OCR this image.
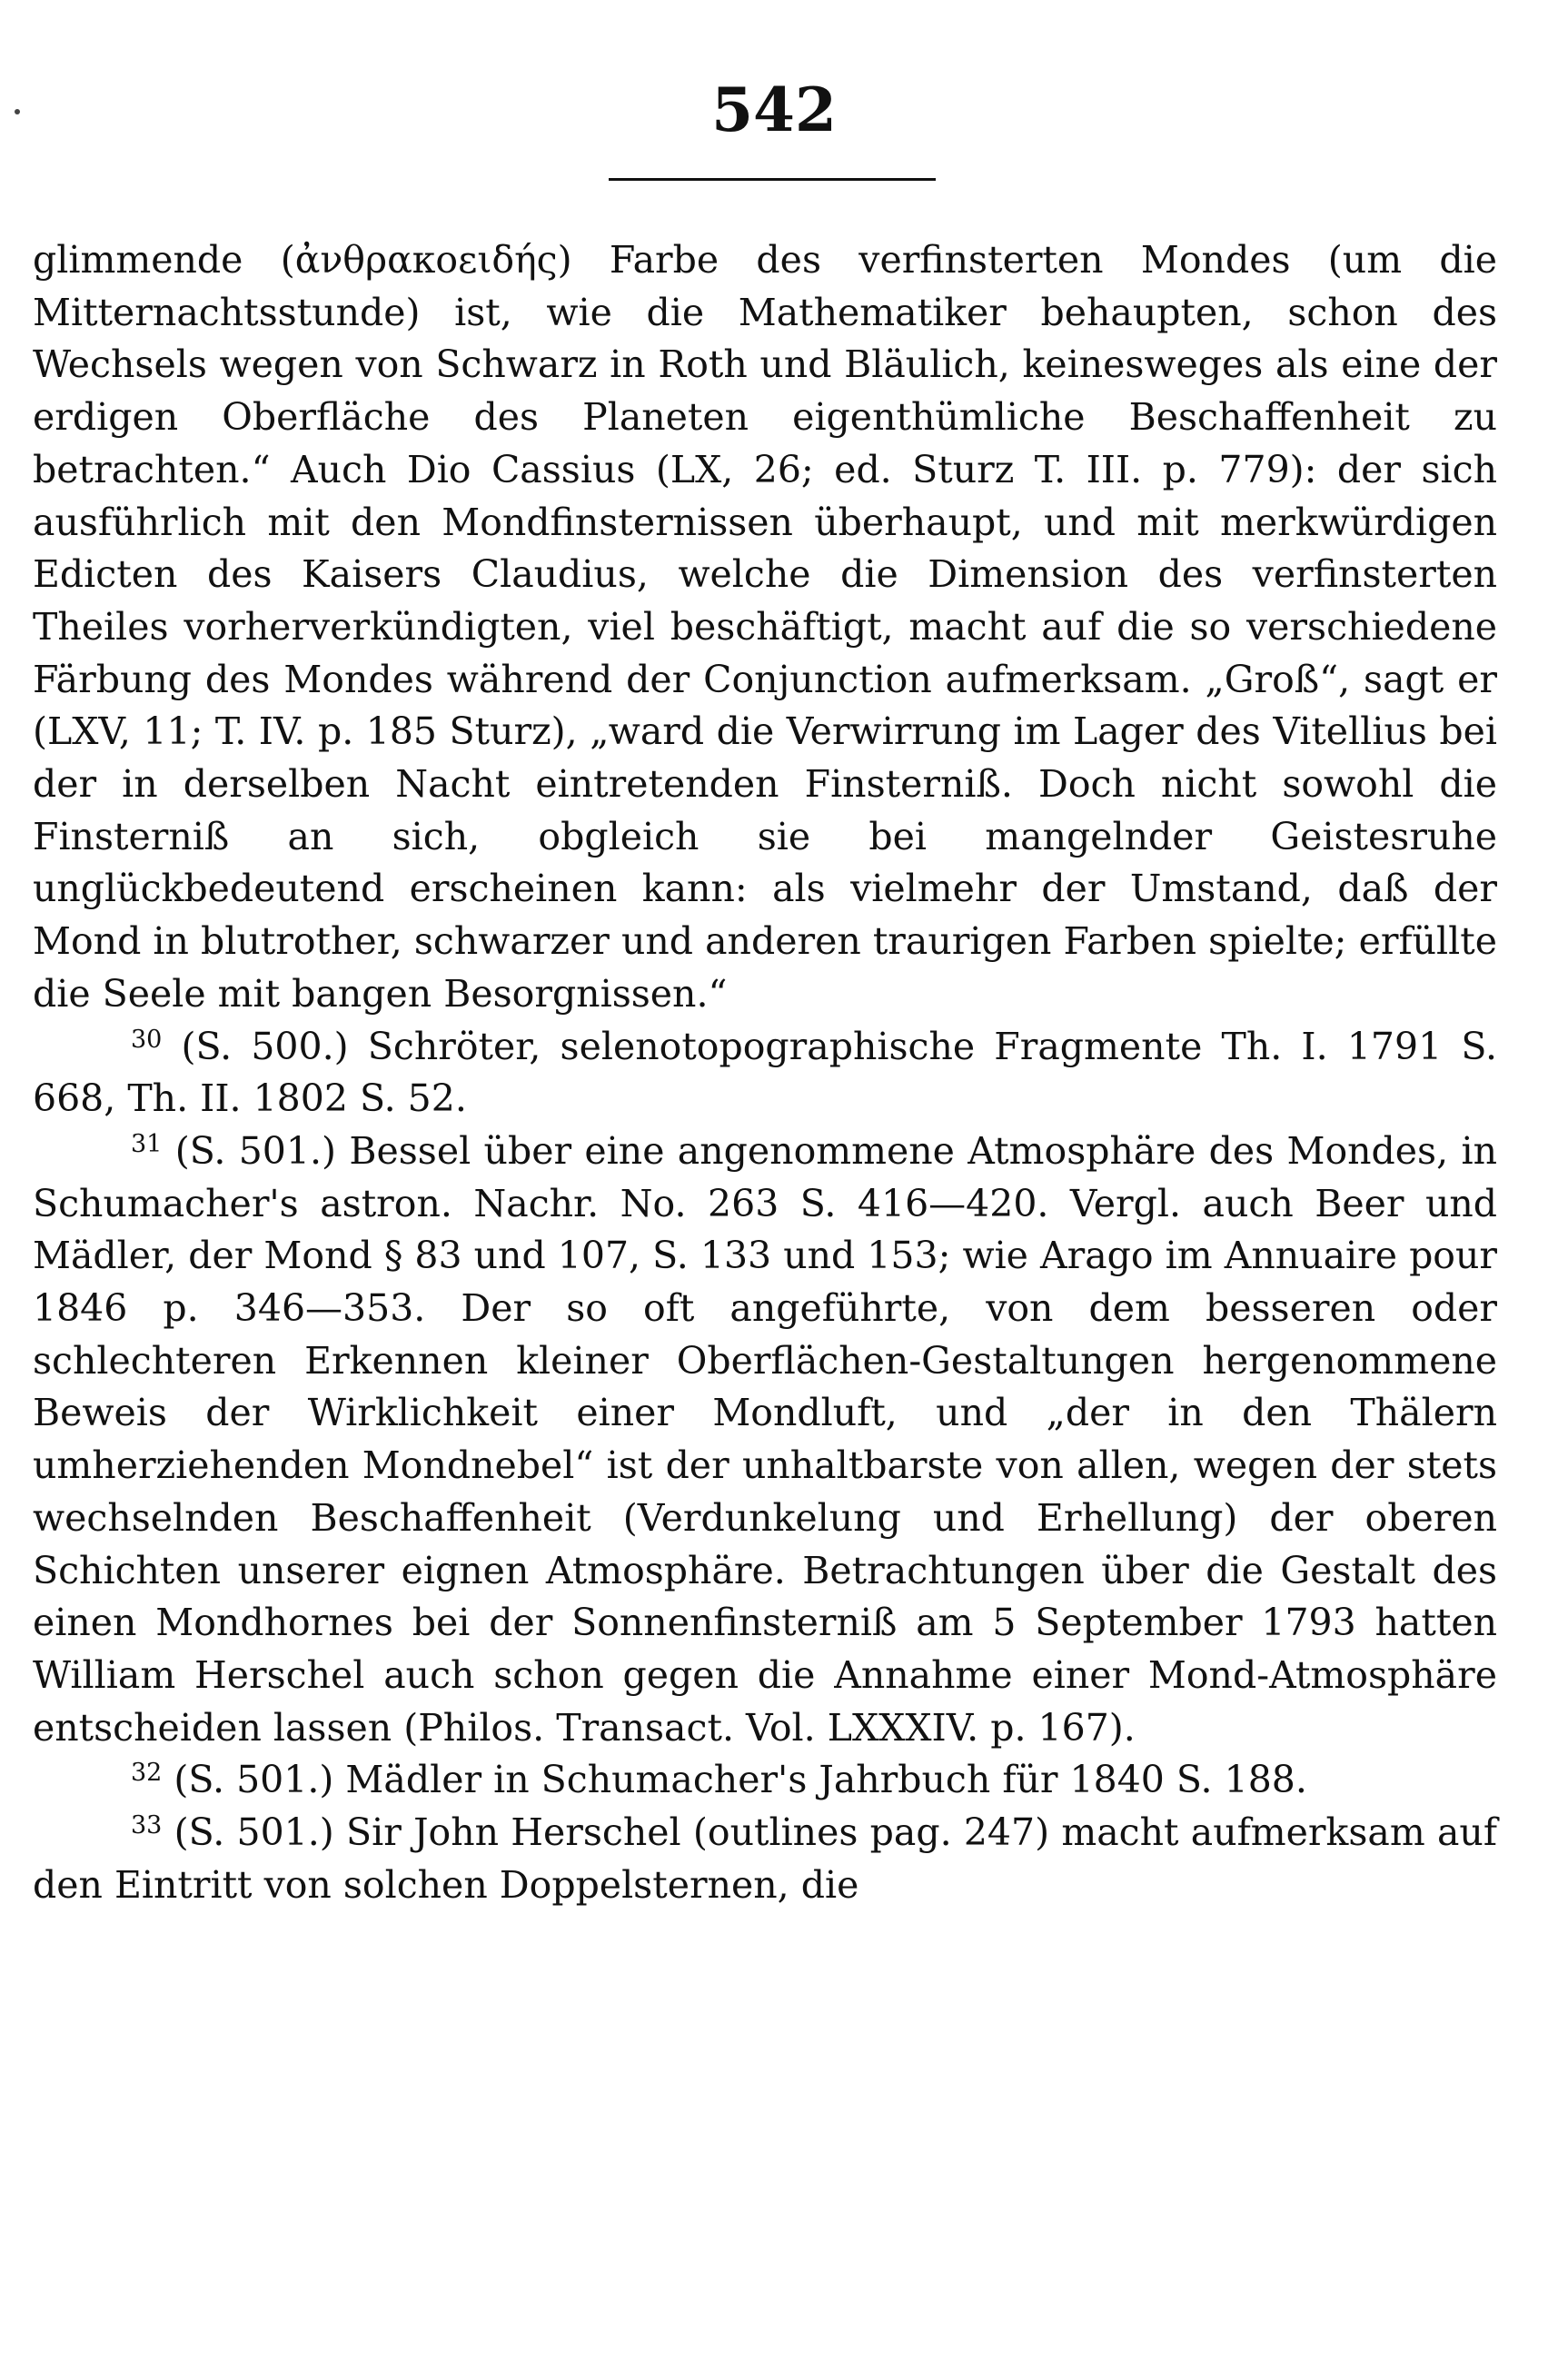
542

glimmende (ἀνθρακοειδής) Farbe des verfinsterten Mondes (um die Mitternachtsstunde) ist, wie die Mathematiker behaupten, schon des Wechsels wegen von Schwarz in Roth und Bläulich, keinesweges als eine der erdigen Oberfläche des Planeten eigenthümliche Beschaffenheit zu betrachten.“ Auch Dio Cassius (LX, 26; ed. Sturz T. III. p. 779): der sich ausführlich mit den Mondfinsternissen überhaupt, und mit merkwürdigen Edicten des Kaisers Claudius, welche die Dimension des verfinsterten Theiles vorherverkündigten, viel beschäftigt, macht auf die so verschiedene Färbung des Mondes während der Conjunction aufmerksam. „Groß“, sagt er (LXV, 11; T. IV. p. 185 Sturz), „ward die Verwirrung im Lager des Vitellius bei der in derselben Nacht eintretenden Finsterniß. Doch nicht sowohl die Finsterniß an sich, obgleich sie bei mangelnder Geistesruhe unglückbedeutend erscheinen kann: als vielmehr der Umstand, daß der Mond in blutrother, schwarzer und anderen traurigen Farben spielte; erfüllte die Seele mit bangen Besorgnissen.“

$^{30}$ (S. 500.) Schröter, selenotopographische Fragmente Th. I. 1791 S. 668, Th. II. 1802 S. 52.

$^{31}$ (S. 501.) Bessel über eine angenommene Atmosphäre des Mondes, in Schumacher's astron. Nachr. No. 263 S. 416—420. Vergl. auch Beer und Mädler, der Mond § 83 und 107, S. 133 und 153; wie Arago im Annuaire pour 1846 p. 346—353. Der so oft angeführte, von dem besseren oder schlechteren Erkennen kleiner Oberflächen-Gestaltungen hergenommene Beweis der Wirklichkeit einer Mondluft, und „der in den Thälern umherziehenden Mondnebel“ ist der unhaltbarste von allen, wegen der stets wechselnden Beschaffenheit (Verdunkelung und Erhellung) der oberen Schichten unserer eignen Atmosphäre. Betrachtungen über die Gestalt des einen Mondhornes bei der Sonnenfinsterniß am 5 September 1793 hatten William Herschel auch schon gegen die Annahme einer Mond-Atmosphäre entscheiden lassen (Philos. Transact. Vol. LXXXIV. p. 167).

$^{32}$ (S. 501.) Mädler in Schumacher's Jahrbuch für 1840 S. 188.

$^{33}$ (S. 501.) Sir John Herschel (outlines pag. 247) macht aufmerksam auf den Eintritt von solchen Doppelsternen, die
